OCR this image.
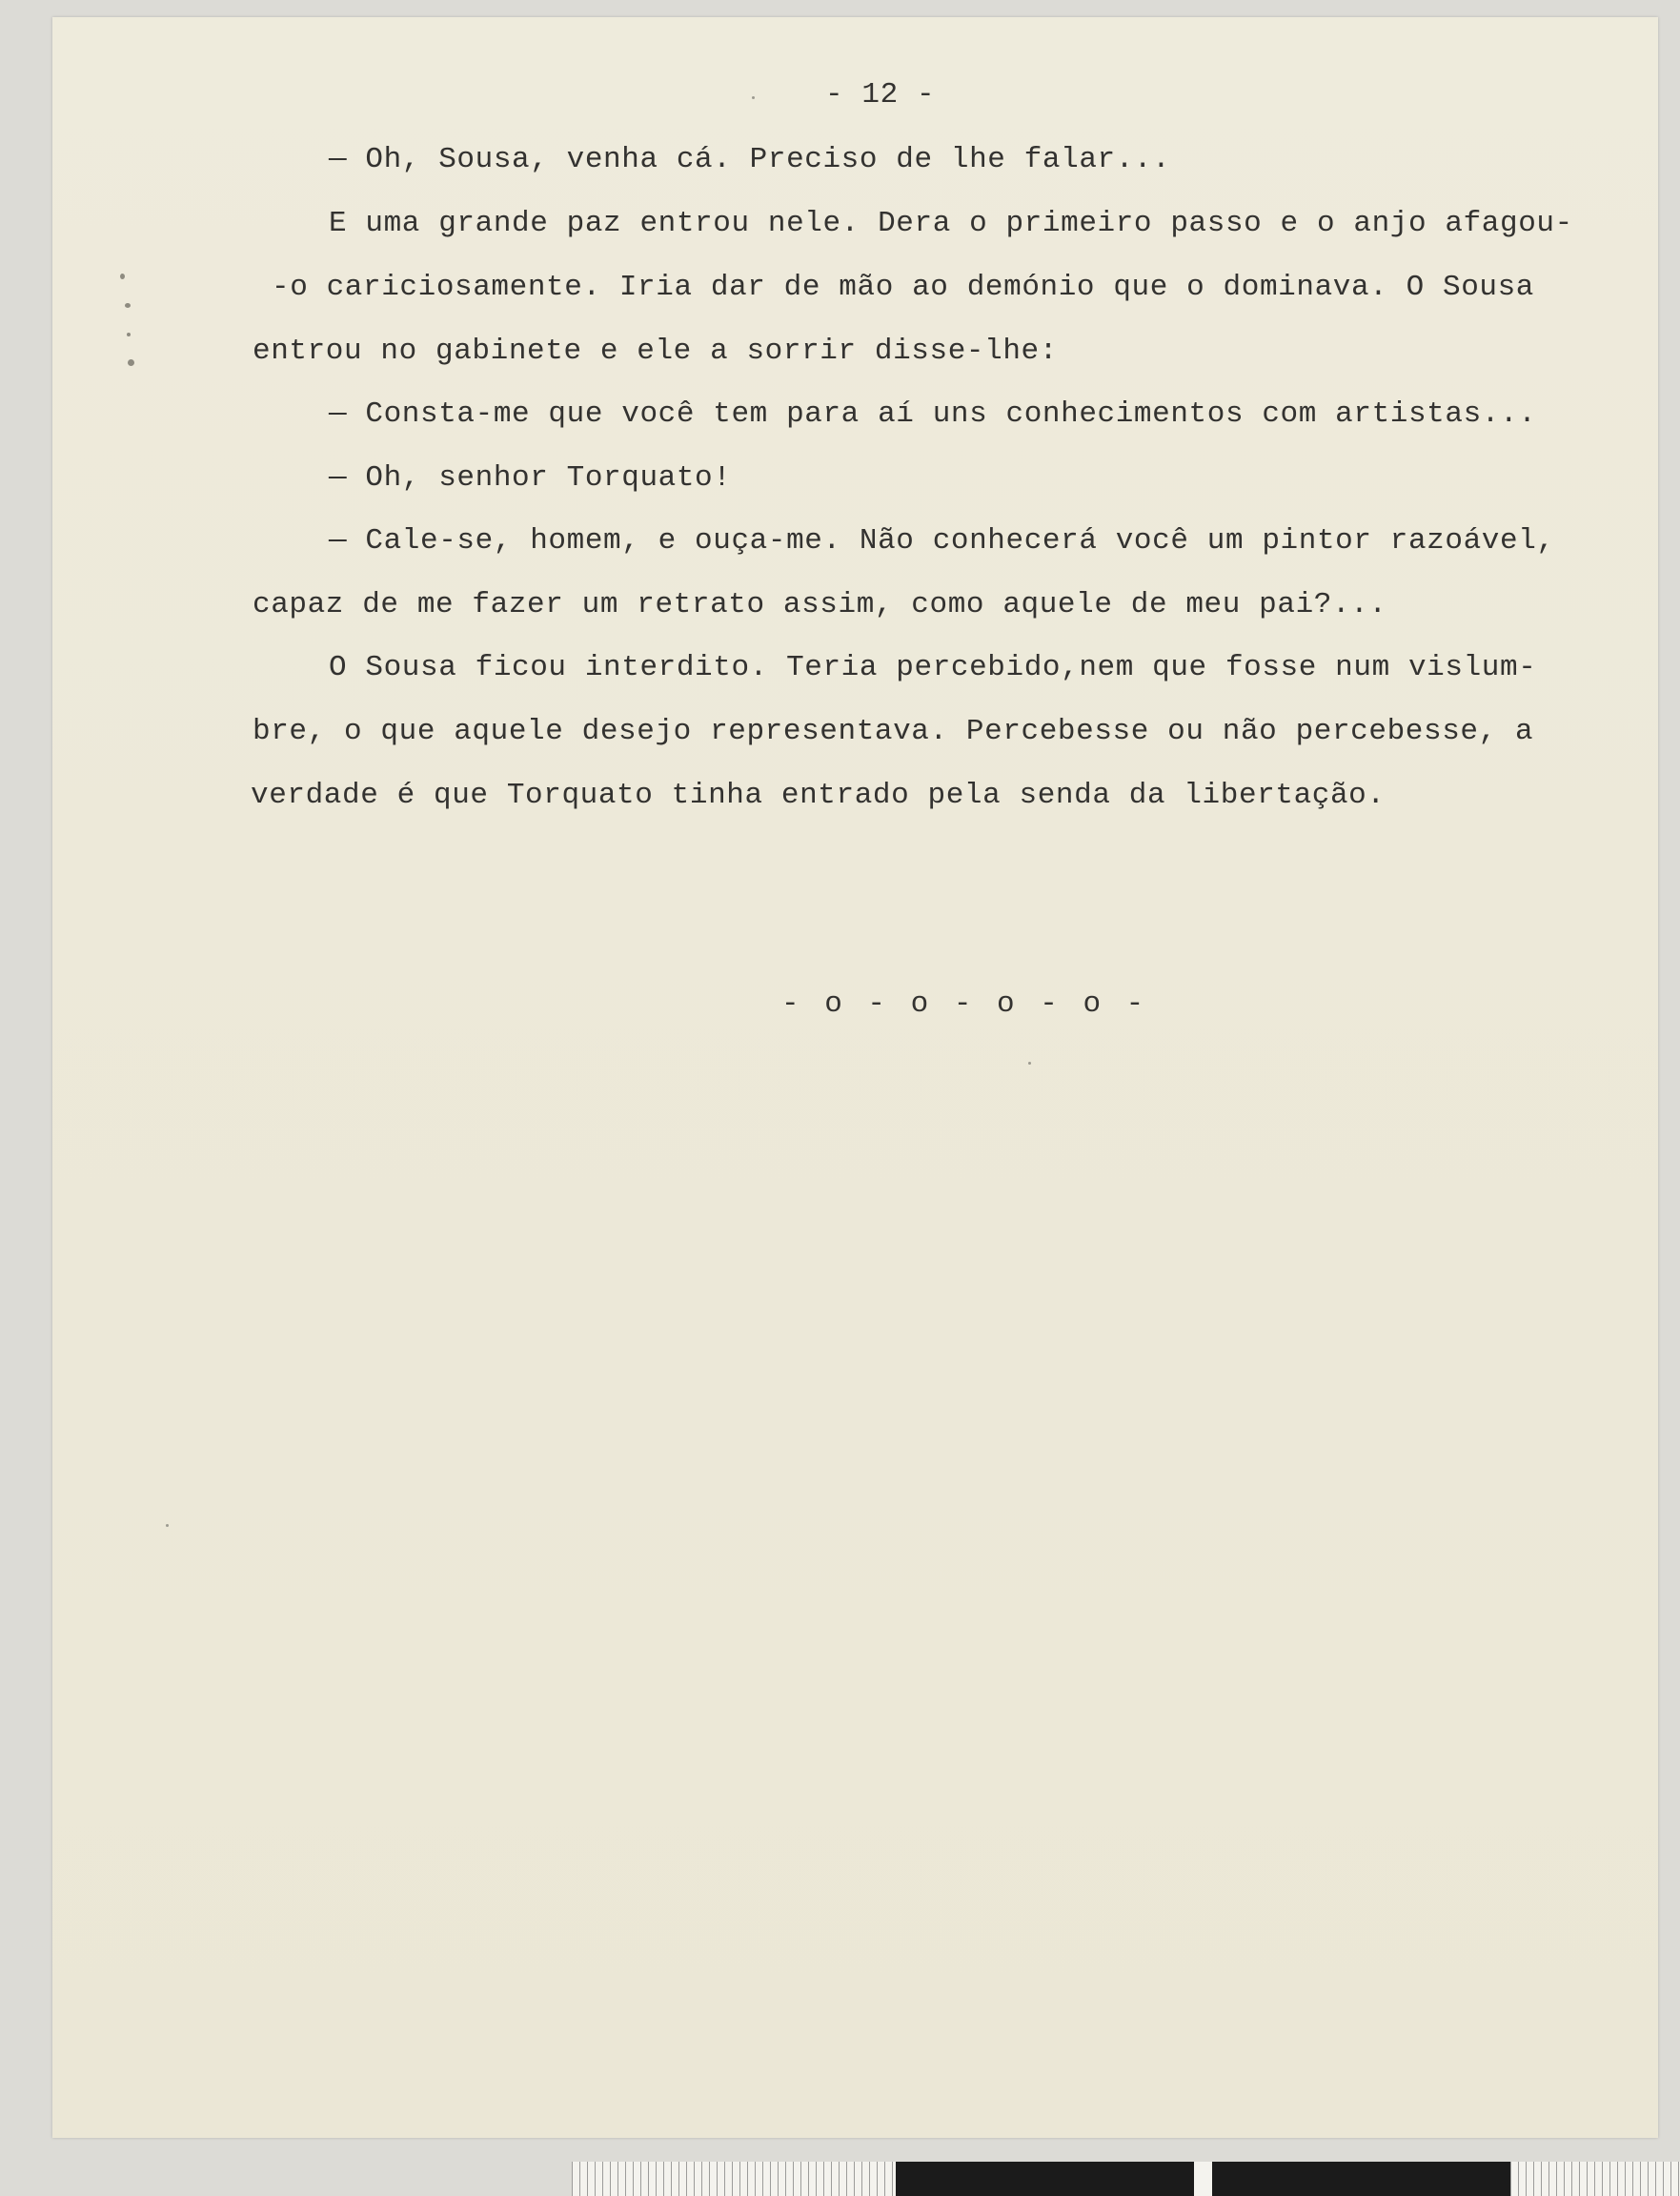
- 12 -
— Oh, Sousa, venha cá. Preciso de lhe falar...
E uma grande paz entrou nele. Dera o primeiro passo e o anjo afagou-
-o cariciosamente. Iria dar de mão ao demónio que o dominava. O Sousa
entrou no gabinete e ele a sorrir disse-lhe:
— Consta-me que você tem para aí uns conhecimentos com artistas...
— Oh, senhor Torquato!
— Cale-se, homem, e ouça-me. Não conhecerá você um pintor razoável,
capaz de me fazer um retrato assim, como aquele de meu pai?...
O Sousa ficou interdito. Teria percebido,nem que fosse num vislum-
bre, o que aquele desejo representava. Percebesse ou não percebesse, a
verdade é que Torquato tinha entrado pela senda da libertação.
- o - o - o - o -
